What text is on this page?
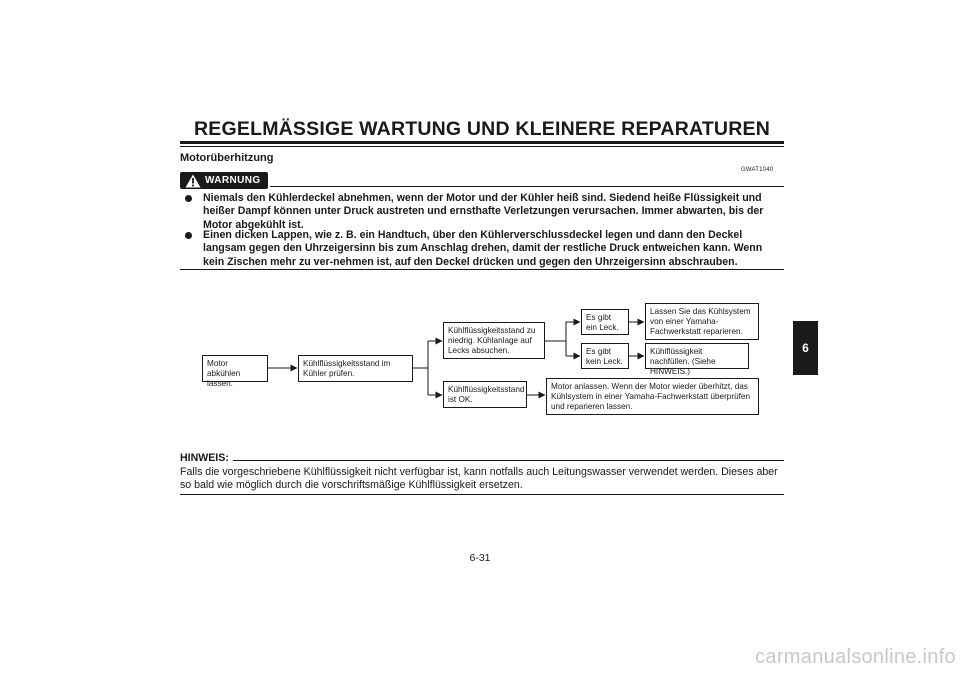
REGELMÄSSIGE WARTUNG UND KLEINERE REPARATUREN
Motorüberhitzung
GWAT1040
WARNUNG
Niemals den Kühlerdeckel abnehmen, wenn der Motor und der Kühler heiß sind. Siedend heiße Flüssigkeit und heißer Dampf können unter Druck austreten und ernsthafte Verletzungen verursachen. Immer abwarten, bis der Motor abgekühlt ist.
Einen dicken Lappen, wie z. B. ein Handtuch, über den Kühlerverschlussdeckel legen und dann den Deckel langsam gegen den Uhrzeigersinn bis zum Anschlag drehen, damit der restliche Druck entweichen kann. Wenn kein Zischen mehr zu ver-nehmen ist, auf den Deckel drücken und gegen den Uhrzeigersinn abschrauben.
Motor abkühlen lassen.
Kühlflüssigkeitsstand im Kühler prüfen.
Kühlflüssigkeitsstand zu niedrig. Kühlanlage auf Lecks absuchen.
Kühlflüssigkeitsstand ist OK.
Es gibt ein Leck.
Es gibt kein Leck.
Lassen Sie das Kühlsystem von einer Yamaha-Fachwerkstatt reparieren.
Kühlflüssigkeit nachfüllen. (Siehe HINWEIS.)
Motor anlassen. Wenn der Motor wieder überhitzt, das Kühlsystem in einer Yamaha-Fachwerkstatt überprüfen und reparieren lassen.
HINWEIS:
Falls die vorgeschriebene Kühlflüssigkeit nicht verfügbar ist, kann notfalls auch Leitungswasser verwendet werden. Dieses aber so bald wie möglich durch die vorschriftsmäßige Kühlflüssigkeit ersetzen.
6-31
6
carmanualsonline.info
